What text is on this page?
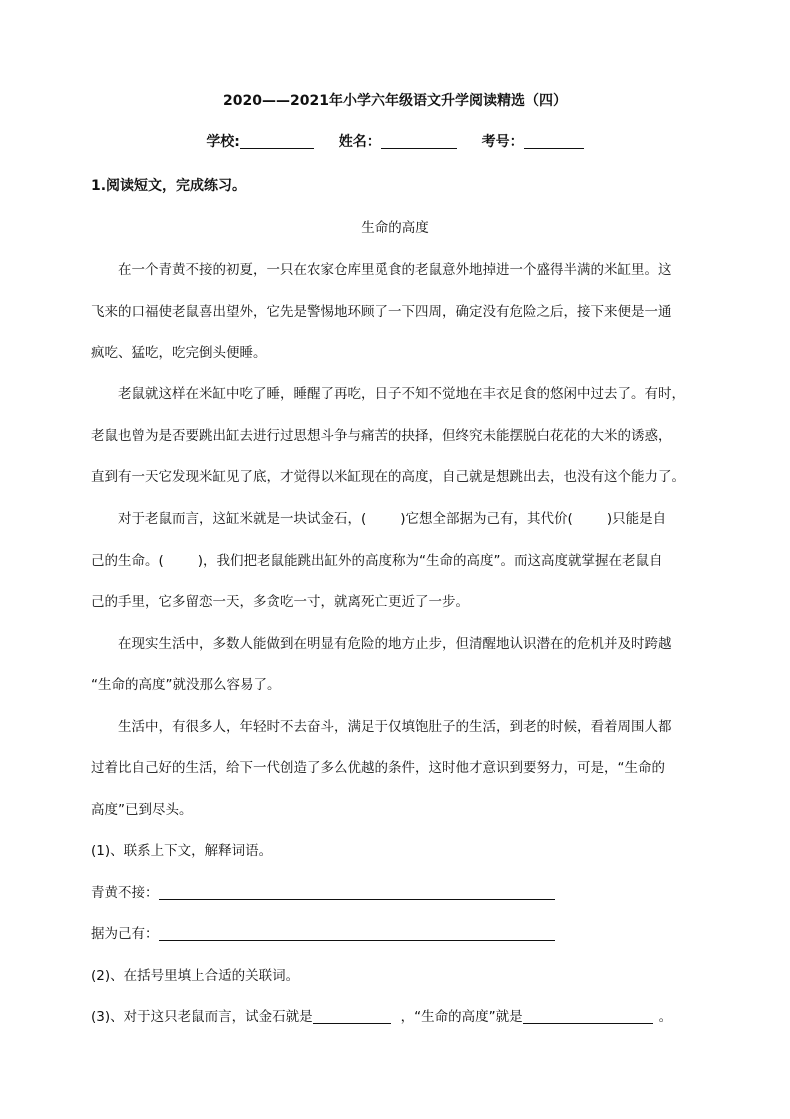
2020——2021年小学六年级语文升学阅读精选（四）
学校:	姓名：	考号：
1.阅读短文，完成练习。
生命的高度
在一个青黄不接的初夏，一只在农家仓库里觅食的老鼠意外地掉进一个盛得半满的米缸里。这
飞来的口福使老鼠喜出望外，它先是警惕地环顾了一下四周，确定没有危险之后，接下来便是一通
疯吃、猛吃，吃完倒头便睡。
老鼠就这样在米缸中吃了睡，睡醒了再吃，日子不知不觉地在丰衣足食的悠闲中过去了。有时，
老鼠也曾为是否要跳出缸去进行过思想斗争与痛苦的抉择，但终究未能摆脱白花花的大米的诱惑，
直到有一天它发现米缸见了底，才觉得以米缸现在的高度，自己就是想跳出去，也没有这个能力了。
对于老鼠而言，这缸米就是一块试金石，(	)它想全部据为己有，其代价(	)只能是自
己的生命。(	)，我们把老鼠能跳出缸外的高度称为“生命的高度”。而这高度就掌握在老鼠自
己的手里，它多留恋一天，多贪吃一寸，就离死亡更近了一步。
在现实生活中，多数人能做到在明显有危险的地方止步，但清醒地认识潜在的危机并及时跨越
“生命的高度”就没那么容易了。
生活中，有很多人，年轻时不去奋斗，满足于仅填饱肚子的生活，到老的时候，看着周围人都
过着比自己好的生活，给下一代创造了多么优越的条件，这时他才意识到要努力，可是，“生命的
高度”已到尽头。
(1)、联系上下文，解释词语。
青黄不接：
据为己有：
(2)、在括号里填上合适的关联词。
(3)、对于这只老鼠而言，试金石就是	，“生命的高度”就是	。
